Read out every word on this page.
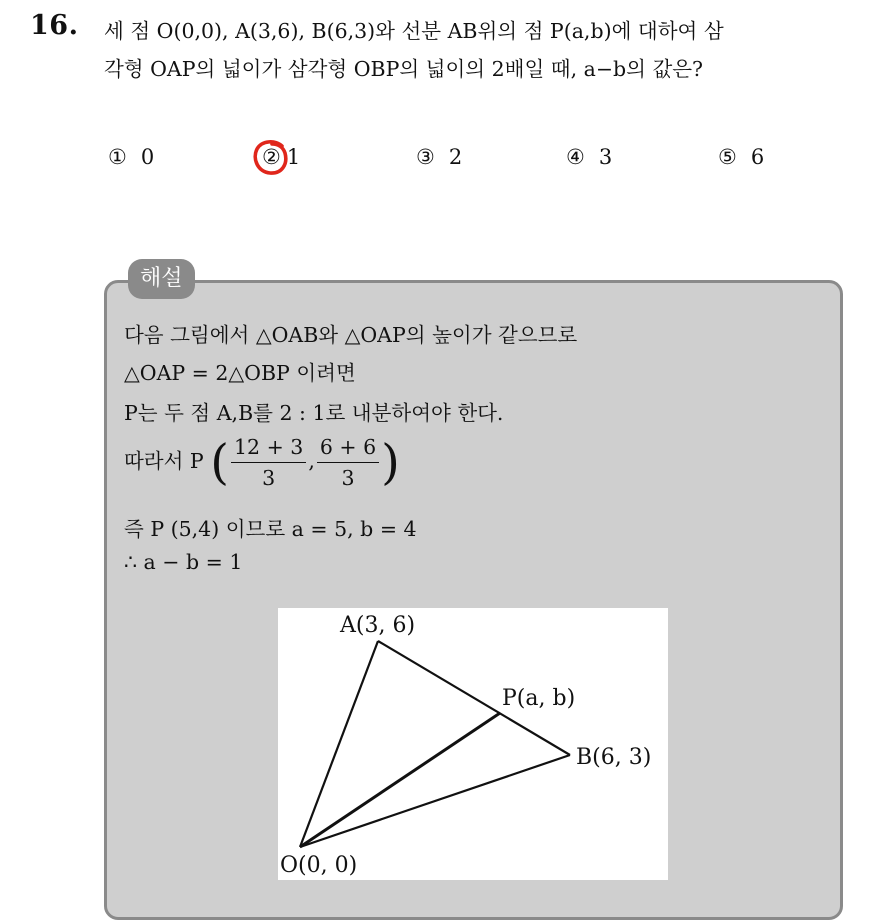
16. 세 점 O(0,0), A(3,6), B(6,3)와 선분 AB위의 점 P(a,b)에 대하여 삼
각형 OAP의 넓이가 삼각형 OBP의 넓이의 2배일 때, a−b의 값은?
① 0	② 1	③ 2	④ 3	⑤ 6
해설
다음 그림에서 △OAB와 △OAP의 높이가 같으므로
△OAP = 2△OBP 이려면
P는 두 점 A,B를 2 : 1로 내분하여야 한다.
따라서 P ( $\frac{12 + 3}{3}$ , $\frac{6 + 6}{3}$ )
즉 P (5,4) 이므로 a = 5, b = 4
∴ a − b = 1
A(3, 6)
P(a, b)
B(6, 3)
O(0, 0)
